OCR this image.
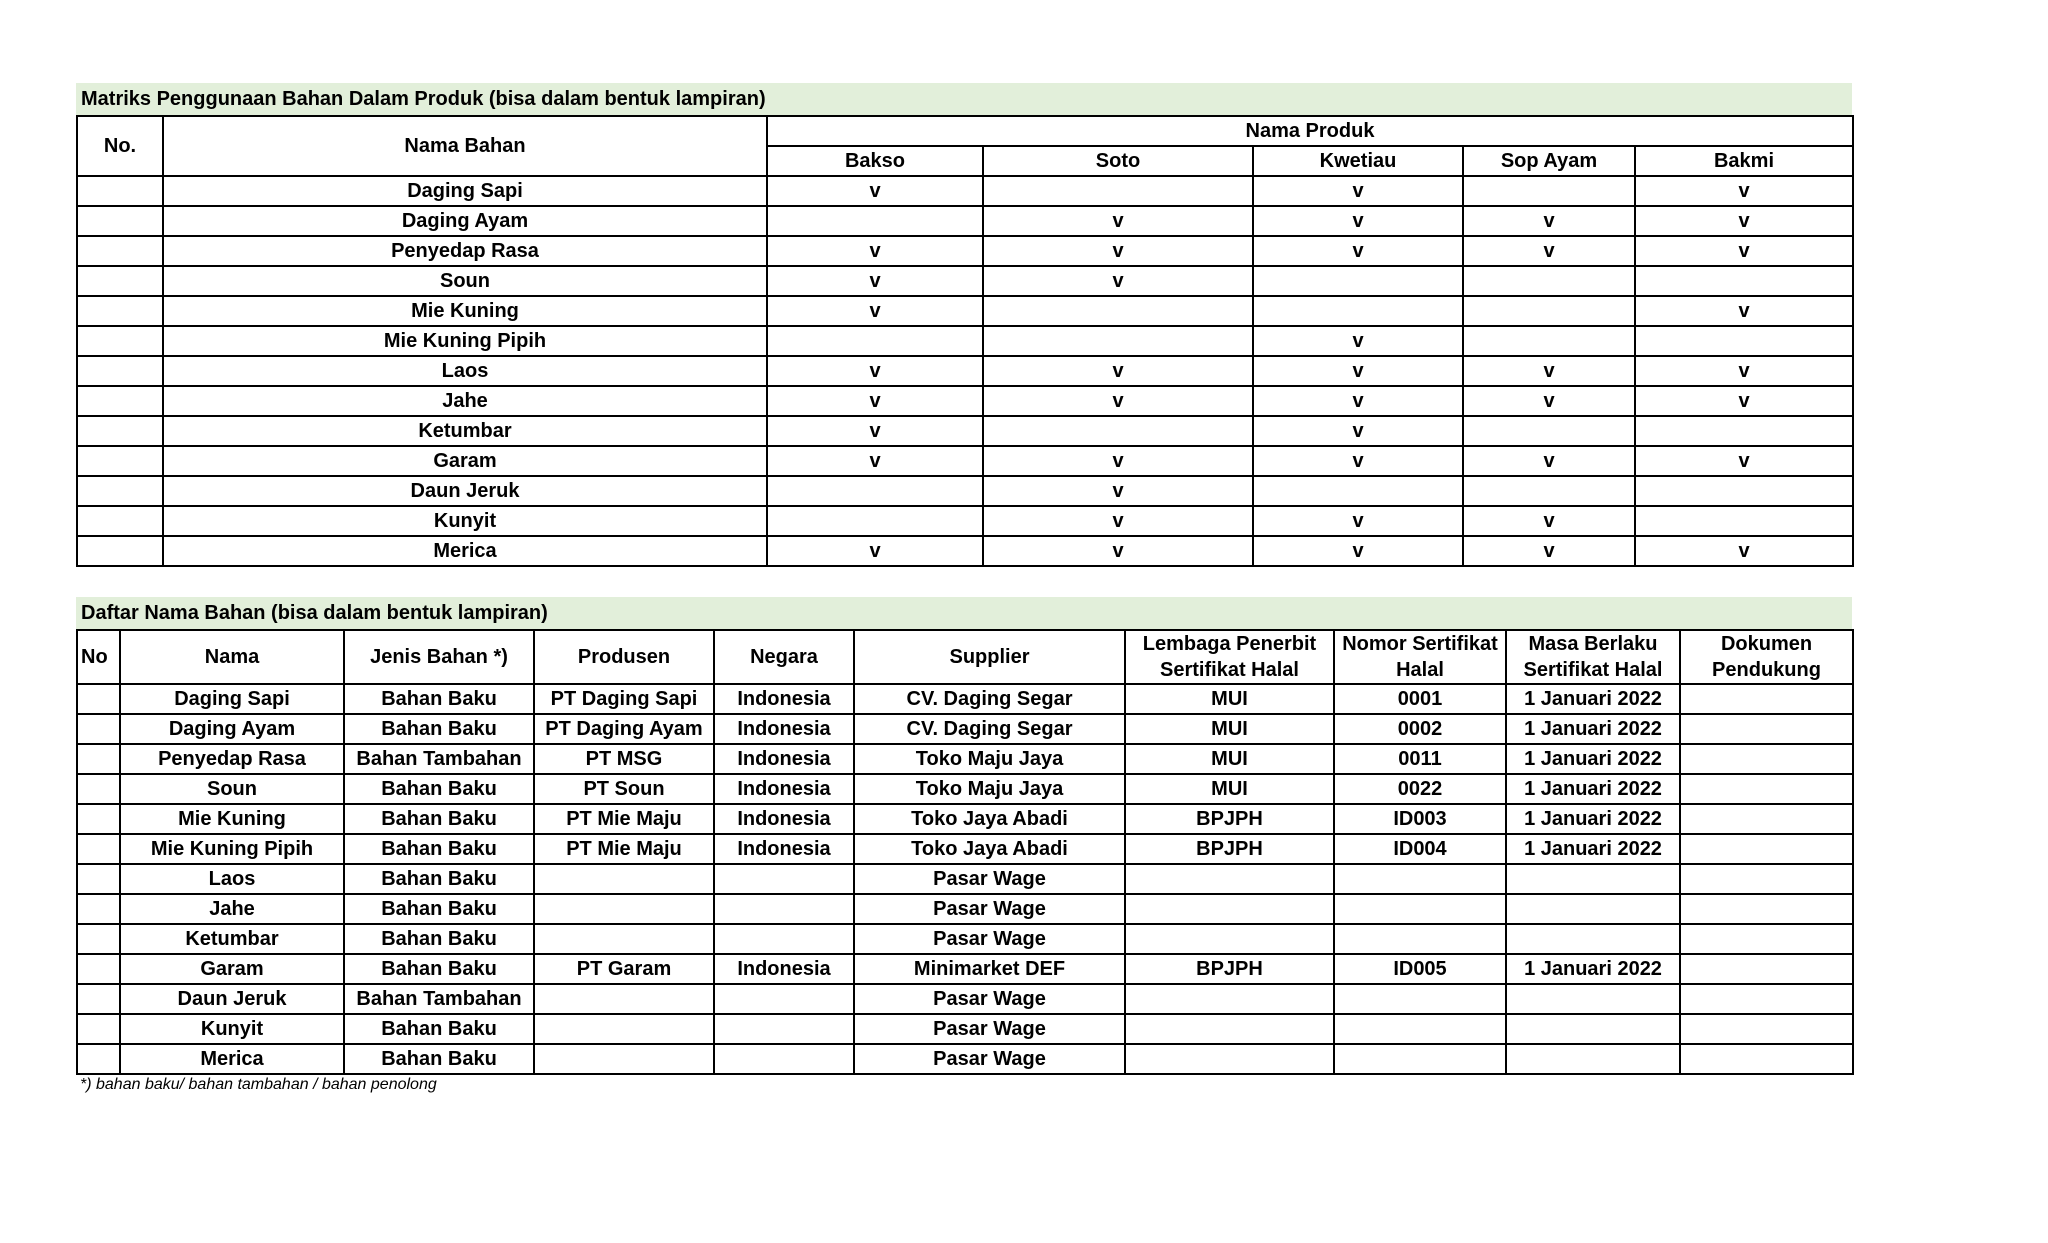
Matriks Penggunaan Bahan Dalam Produk (bisa dalam bentuk lampiran)
No.	Nama Bahan	Nama Produk				
		Bakso	Soto	Kwetiau	Sop Ayam	Bakmi
	Daging Sapi	v		v		v
	Daging Ayam		v	v	v	v
	Penyedap Rasa	v	v	v	v	v
	Soun	v	v			
	Mie Kuning	v				v
	Mie Kuning Pipih			v		
	Laos	v	v	v	v	v
	Jahe	v	v	v	v	v
	Ketumbar	v		v		
	Garam	v	v	v	v	v
	Daun Jeruk		v			
	Kunyit		v	v	v	
	Merica	v	v	v	v	v
Daftar Nama Bahan (bisa dalam bentuk lampiran)
No	Nama	Jenis Bahan *)	Produsen	Negara	Supplier	Lembaga Penerbit Sertifikat Halal	Nomor Sertifikat Halal	Masa Berlaku Sertifikat Halal	Dokumen Pendukung
	Daging Sapi	Bahan Baku	PT Daging Sapi	Indonesia	CV. Daging Segar	MUI	0001	1 Januari 2022	
	Daging Ayam	Bahan Baku	PT Daging Ayam	Indonesia	CV. Daging Segar	MUI	0002	1 Januari 2022	
	Penyedap Rasa	Bahan Tambahan	PT MSG	Indonesia	Toko Maju Jaya	MUI	0011	1 Januari 2022	
	Soun	Bahan Baku	PT Soun	Indonesia	Toko Maju Jaya	MUI	0022	1 Januari 2022	
	Mie Kuning	Bahan Baku	PT Mie Maju	Indonesia	Toko Jaya Abadi	BPJPH	ID003	1 Januari 2022	
	Mie Kuning Pipih	Bahan Baku	PT Mie Maju	Indonesia	Toko Jaya Abadi	BPJPH	ID004	1 Januari 2022	
	Laos	Bahan Baku			Pasar Wage				
	Jahe	Bahan Baku			Pasar Wage				
	Ketumbar	Bahan Baku			Pasar Wage				
	Garam	Bahan Baku	PT Garam	Indonesia	Minimarket DEF	BPJPH	ID005	1 Januari 2022	
	Daun Jeruk	Bahan Tambahan			Pasar Wage				
	Kunyit	Bahan Baku			Pasar Wage				
	Merica	Bahan Baku			Pasar Wage				
*) bahan baku/ bahan tambahan / bahan penolong
